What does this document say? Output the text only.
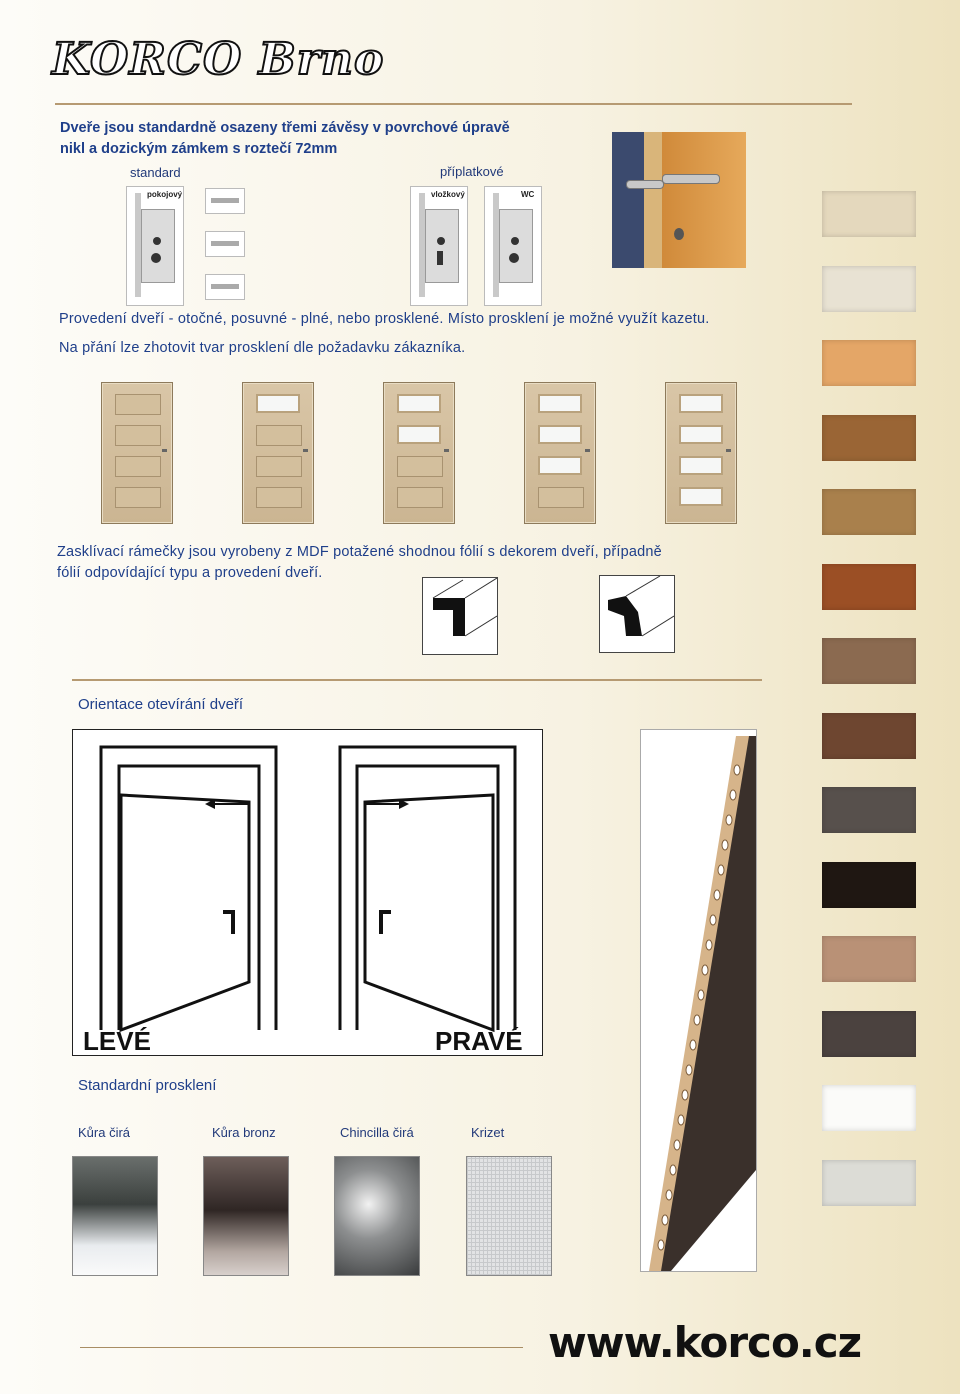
KORCO Brno
Dveře jsou standardně osazeny třemi závěsy v povrchové úpravě
nikl a dozickým zámkem s roztečí 72mm
standard	příplatkové
pokojový	vložkový	WC
Provedení dveří - otočné, posuvné - plné, nebo prosklené. Místo prosklení je možné využít kazetu.
Na přání lze zhotovit tvar prosklení dle požadavku zákazníka.
Zasklívací rámečky jsou vyrobeny z MDF potažené shodnou fólií s dekorem dveří, případně
fólií odpovídající typu a provedení dveří.
Orientace otevírání dveří
LEVÉ	PRAVÉ
Standardní prosklení
Kůra čirá	Kůra bronz	Chincilla čirá	Krizet
www.korco.cz
